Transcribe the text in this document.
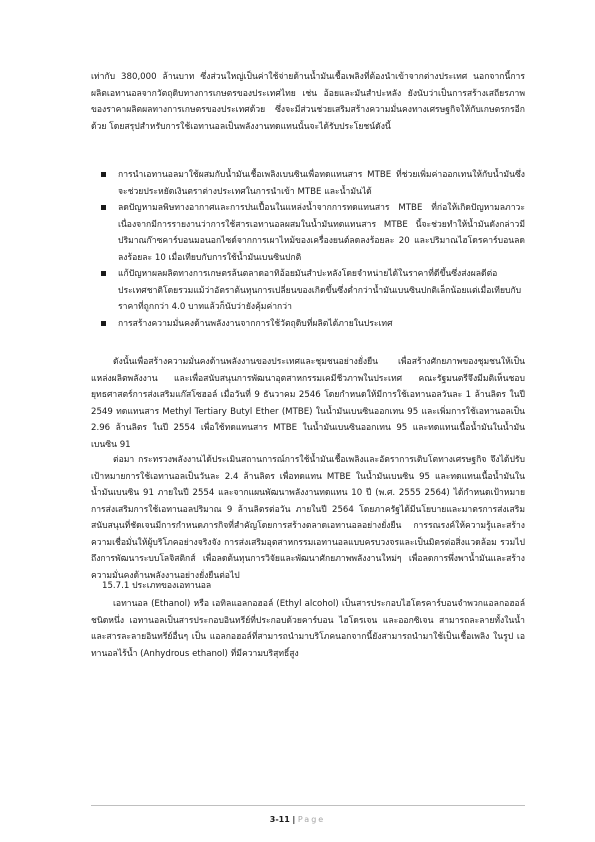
เท่ากับ 380,000 ล้านบาท ซึ่งส่วนใหญ่เป็นค่าใช้จ่ายด้านน้ำมันเชื้อเพลิงที่ต้องนำเข้าจากต่างประเทศ นอกจากนี้การผลิตเอทานอลจากวัตถุดิบทางการเกษตรของประเทศไทย เช่น อ้อยและมันสำปะหลัง ยังนับว่าเป็นการสร้างเสถียรภาพของราคาผลิตผลทางการเกษตรของประเทศด้วย ซึ่งจะมีส่วนช่วยเสริมสร้างความมั่นคงทางเศรษฐกิจให้กับเกษตรกรอีกด้วย โดยสรุปสำหรับการใช้เอทานอลเป็นพลังงานทดแทนนั้นจะได้รับประโยชน์ดังนี้

การนำเอทานอลมาใช้ผสมกับน้ำมันเชื้อเพลิงเบนซินเพื่อทดแทนสาร MTBE ที่ช่วยเพิ่มค่าออกเทนให้กับน้ำมันซึ่งจะช่วยประหยัดเงินตราต่างประเทศในการนำเข้า MTBE และน้ำมันได้
ลดปัญหามลพิษทางอากาศและการปนเปื้อนในแหล่งน้ำจากการทดแทนสาร MTBE ที่ก่อให้เกิดปัญหามลภาวะเนื่องจากมีการรายงานว่าการใช้สารเอทานอลผสมในน้ำมันทดแทนสาร MTBE นี้จะช่วยทำให้น้ำมันดังกล่าวมีปริมาณก๊าซคาร์บอนมอนอกไซด์จากการเผาไหม้ของเครื่องยนต์ลดลงร้อยละ 20 และปริมาณไฮโดรคาร์บอนลดลงร้อยละ 10 เมื่อเทียบกับการใช้น้ำมันเบนซินปกติ
แก้ปัญหาผลผลิตทางการเกษตรล้นตลาดอาทิอ้อยมันสำปะหลังโดยจำหน่ายได้ในราคาที่ดีขึ้นซึ่งส่งผลดีต่อประเทศชาติโดยรวมแม้ว่าอัตราต้นทุนการเปลี่ยนของเกิดขึ้นซึ่งต่ำกว่าน้ำมันเบนซินปกติเล็กน้อยแต่เมื่อเทียบกับราคาที่ถูกกว่า 4.0 บาทแล้วก็นับว่ายังคุ้มค่ากว่า
การสร้างความมั่นคงด้านพลังงานจากการใช้วัตถุดิบที่ผลิตได้ภายในประเทศ

ดังนั้นเพื่อสร้างความมั่นคงด้านพลังงานของประเทศและชุมชนอย่างยั่งยืน เพื่อสร้างศักยภาพของชุมชนให้เป็นแหล่งผลิตพลังงาน และเพื่อสนับสนุนการพัฒนาอุตสาหกรรมเคมีชีวภาพในประเทศ คณะรัฐมนตรีจึงมีมติเห็นชอบยุทธศาสตร์การส่งเสริมแก๊สโซฮอล์ เมื่อวันที่ 9 ธันวาคม 2546 โดยกำหนดให้มีการใช้เอทานอลวันละ 1 ล้านลิตร ในปี 2549 ทดแทนสาร Methyl Tertiary Butyl Ether (MTBE) ในน้ำมันเบนซินออกเทน 95 และเพิ่มการใช้เอทานอลเป็น 2.96 ล้านลิตร ในปี 2554 เพื่อใช้ทดแทนสาร MTBE ในน้ำมันเบนซินออกเทน 95 และทดแทนเนื้อน้ำมันในน้ำมันเบนซิน 91

ต่อมา กระทรวงพลังงานได้ประเมินสถานการณ์การใช้น้ำมันเชื้อเพลิงและอัตราการเติบโตทางเศรษฐกิจ จึงได้ปรับเป้าหมายการใช้เอทานอลเป็นวันละ 2.4 ล้านลิตร เพื่อทดแทน MTBE ในน้ำมันเบนซิน 95 และทดแทนเนื้อน้ำมันในน้ำมันเบนซิน 91 ภายในปี 2554 และจากแผนพัฒนาพลังงานทดแทน 10 ปี (พ.ศ. 2555 2564) ได้กำหนดเป้าหมายการส่งเสริมการใช้เอทานอลปริมาณ 9 ล้านลิตรต่อวัน ภายในปี 2564 โดยภาครัฐได้มีนโยบายและมาตรการส่งเสริมสนับสนุนที่ชัดเจนมีการกำหนดภารกิจที่สำคัญโดยการสร้างตลาดเอทานอลอย่างยั่งยืน การรณรงค์ให้ความรู้และสร้างความเชื่อมั่นให้ผู้บริโภคอย่างจริงจัง การส่งเสริมอุตสาหกรรมเอทานอลแบบครบวงจรและเป็นมิตรต่อสิ่งแวดล้อม รวมไปถึงการพัฒนาระบบโลจิสติกส์ เพื่อลดต้นทุนการวิจัยและพัฒนาศักยภาพพลังงานใหม่ๆ เพื่อลดการพึ่งพาน้ำมันและสร้างความมั่นคงด้านพลังงานอย่างยั่งยืนต่อไป

15.7.1 ประเภทของเอทานอล

เอทานอล (Ethanol) หรือ เอทิลแอลกอฮอล์ (Ethyl alcohol) เป็นสารประกอบไฮโดรคาร์บอนจำพวกแอลกอฮอล์ชนิดหนึ่ง เอทานอลเป็นสารประกอบอินทรีย์ที่ประกอบด้วยคาร์บอน ไฮโดรเจน และออกซิเจน สามารถละลายทั้งในน้ำและสารละลายอินทรีย์อื่นๆ เป็น แอลกอฮอล์ที่สามารถนำมาบริโภคนอกจากนี้ยังสามารถนำมาใช้เป็นเชื้อเพลิง ในรูป เอทานอลไร้น้ำ (Anhydrous ethanol) ที่มีความบริสุทธิ์สูง

3-11 | Page
